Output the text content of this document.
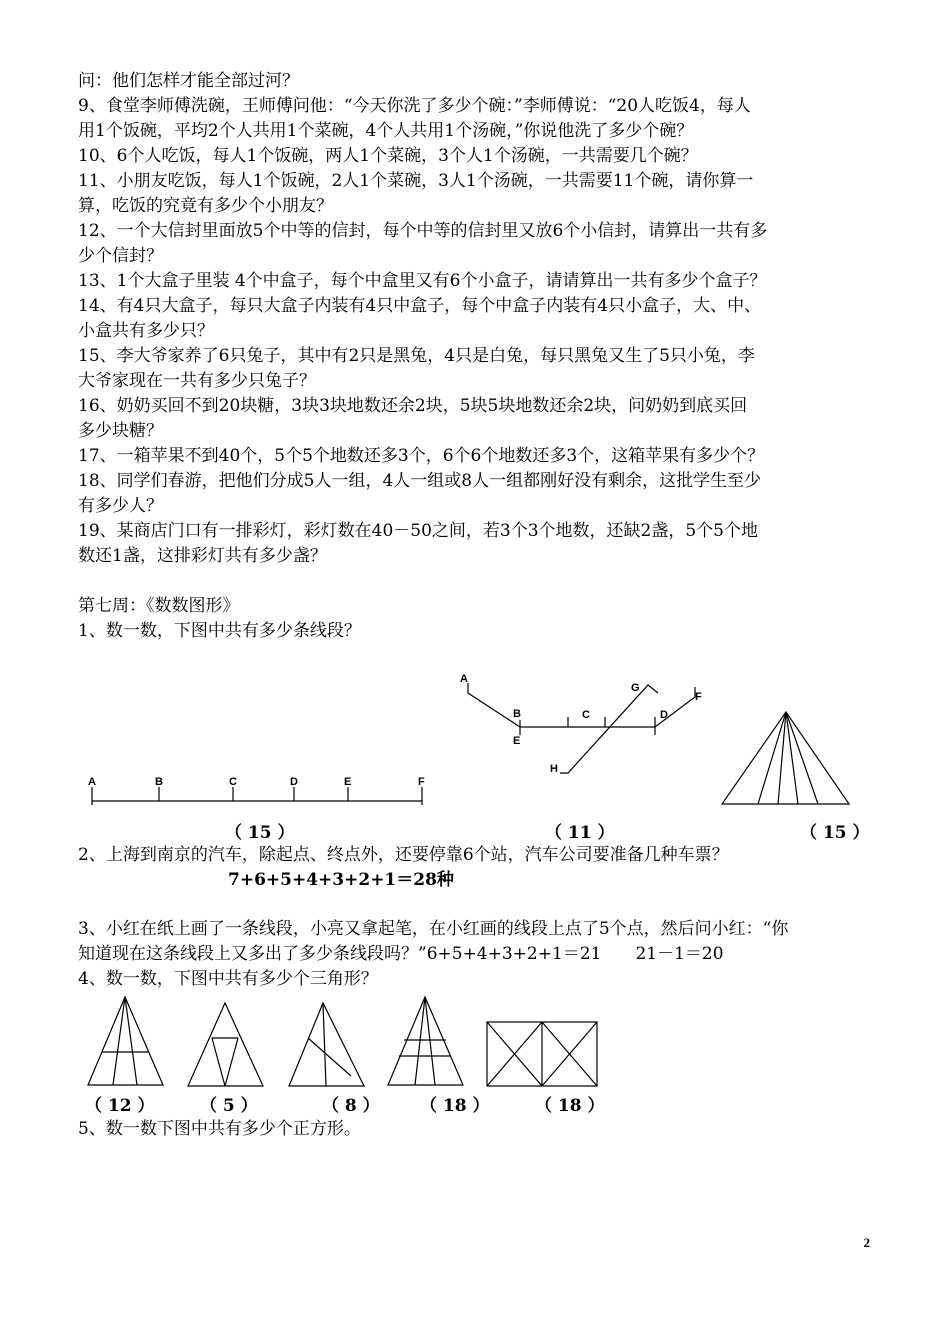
问：他们怎样才能全部过河？
9、食堂李师傅洗碗，王师傅问他：“今天你洗了多少个碗：”李师傅说：“20人吃饭4，每人
用1个饭碗，平均2个人共用1个菜碗，4个人共用1个汤碗，”你说他洗了多少个碗？
10、6个人吃饭，每人1个饭碗，两人1个菜碗，3个人1个汤碗，一共需要几个碗？
11、小朋友吃饭，每人1个饭碗，2人1个菜碗，3人1个汤碗，一共需要11个碗，请你算一
算，吃饭的究竟有多少个小朋友？
12、一个大信封里面放5个中等的信封，每个中等的信封里又放6个小信封，请算出一共有多
少个信封？
13、1个大盒子里装 4个中盒子，每个中盒里又有6个小盒子，请请算出一共有多少个盒子？
14、有4只大盒子，每只大盒子内装有4只中盒子，每个中盒子内装有4只小盒子，大、中、
小盒共有多少只？
15、李大爷家养了6只兔子，其中有2只是黑兔，4只是白兔，每只黑兔又生了5只小兔，李
大爷家现在一共有多少只兔子？
16、奶奶买回不到20块糖，3块3块地数还余2块，5块5块地数还余2块，问奶奶到底买回
多少块糖？
17、一箱苹果不到40个，5个5个地数还多3个，6个6个地数还多3个，这箱苹果有多少个？
18、同学们春游，把他们分成5人一组，4人一组或8人一组都刚好没有剩余，这批学生至少
有多少人？
19、某商店门口有一排彩灯，彩灯数在40－50之间，若3个3个地数，还缺2盏，5个5个地
数还1盏，这排彩灯共有多少盏？
第七周：《数数图形》
1、数一数，下图中共有多少条线段？
A	B	C	D	E	F
A
B	C	D
E
F
G
H
（ 15 ）	（ 11 ）	（ 15 ）
2、上海到南京的汽车，除起点、终点外，还要停靠6个站，汽车公司要准备几种车票？
7+6+5+4+3+2+1＝28种
3、小红在纸上画了一条线段，小亮又拿起笔，在小红画的线段上点了5个点，然后问小红：“你
知道现在这条线段上又多出了多少条线段吗？”6+5+4+3+2+1＝21　　21－1＝20
4、数一数，下图中共有多少个三角形？
（ 12 ）	（ 5 ）	（ 8 ） （ 18 ）	（ 18 ）
5、数一数下图中共有多少个正方形。
2
